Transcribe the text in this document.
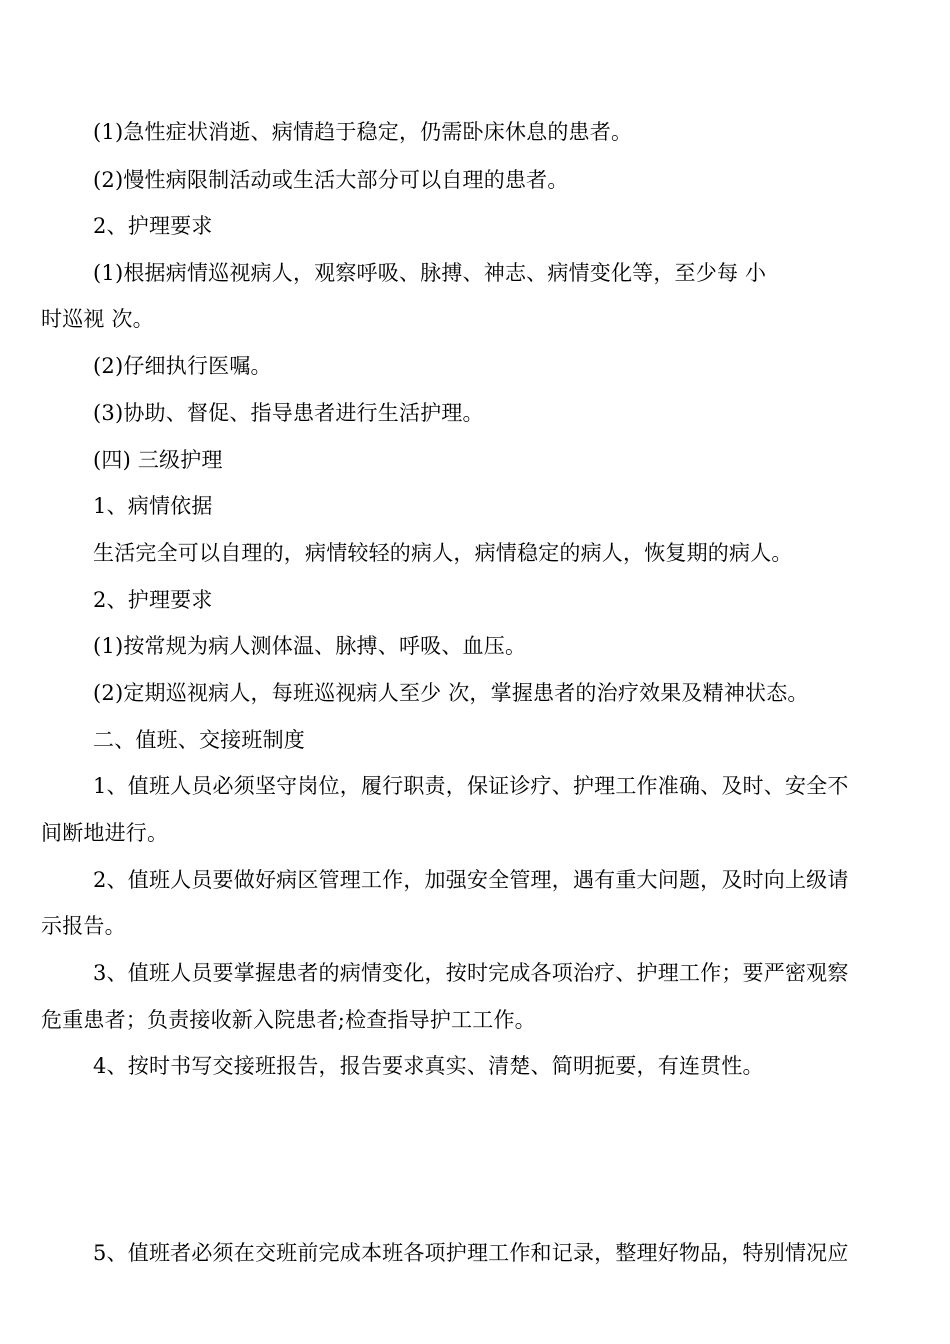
(1)急性症状消逝、病情趋于稳定，仍需卧床休息的患者。
(2)慢性病限制活动或生活大部分可以自理的患者。
2、护理要求
(1)根据病情巡视病人，观察呼吸、脉搏、神志、病情变化等，至少每 小
时巡视 次。
(2)仔细执行医嘱。
(3)协助、督促、指导患者进行生活护理。
(四) 三级护理
1、病情依据
生活完全可以自理的，病情较轻的病人，病情稳定的病人，恢复期的病人。
2、护理要求
(1)按常规为病人测体温、脉搏、呼吸、血压。
(2)定期巡视病人，每班巡视病人至少 次，掌握患者的治疗效果及精神状态。
二、值班、交接班制度
1、值班人员必须坚守岗位，履行职责，保证诊疗、护理工作准确、及时、安全不
间断地进行。
2、值班人员要做好病区管理工作，加强安全管理，遇有重大问题，及时向上级请
示报告。
3、值班人员要掌握患者的病情变化，按时完成各项治疗、护理工作；要严密观察
危重患者；负责接收新入院患者;检查指导护工工作。
4、按时书写交接班报告，报告要求真实、清楚、简明扼要，有连贯性。
5、值班者必须在交班前完成本班各项护理工作和记录，整理好物品，特别情况应
